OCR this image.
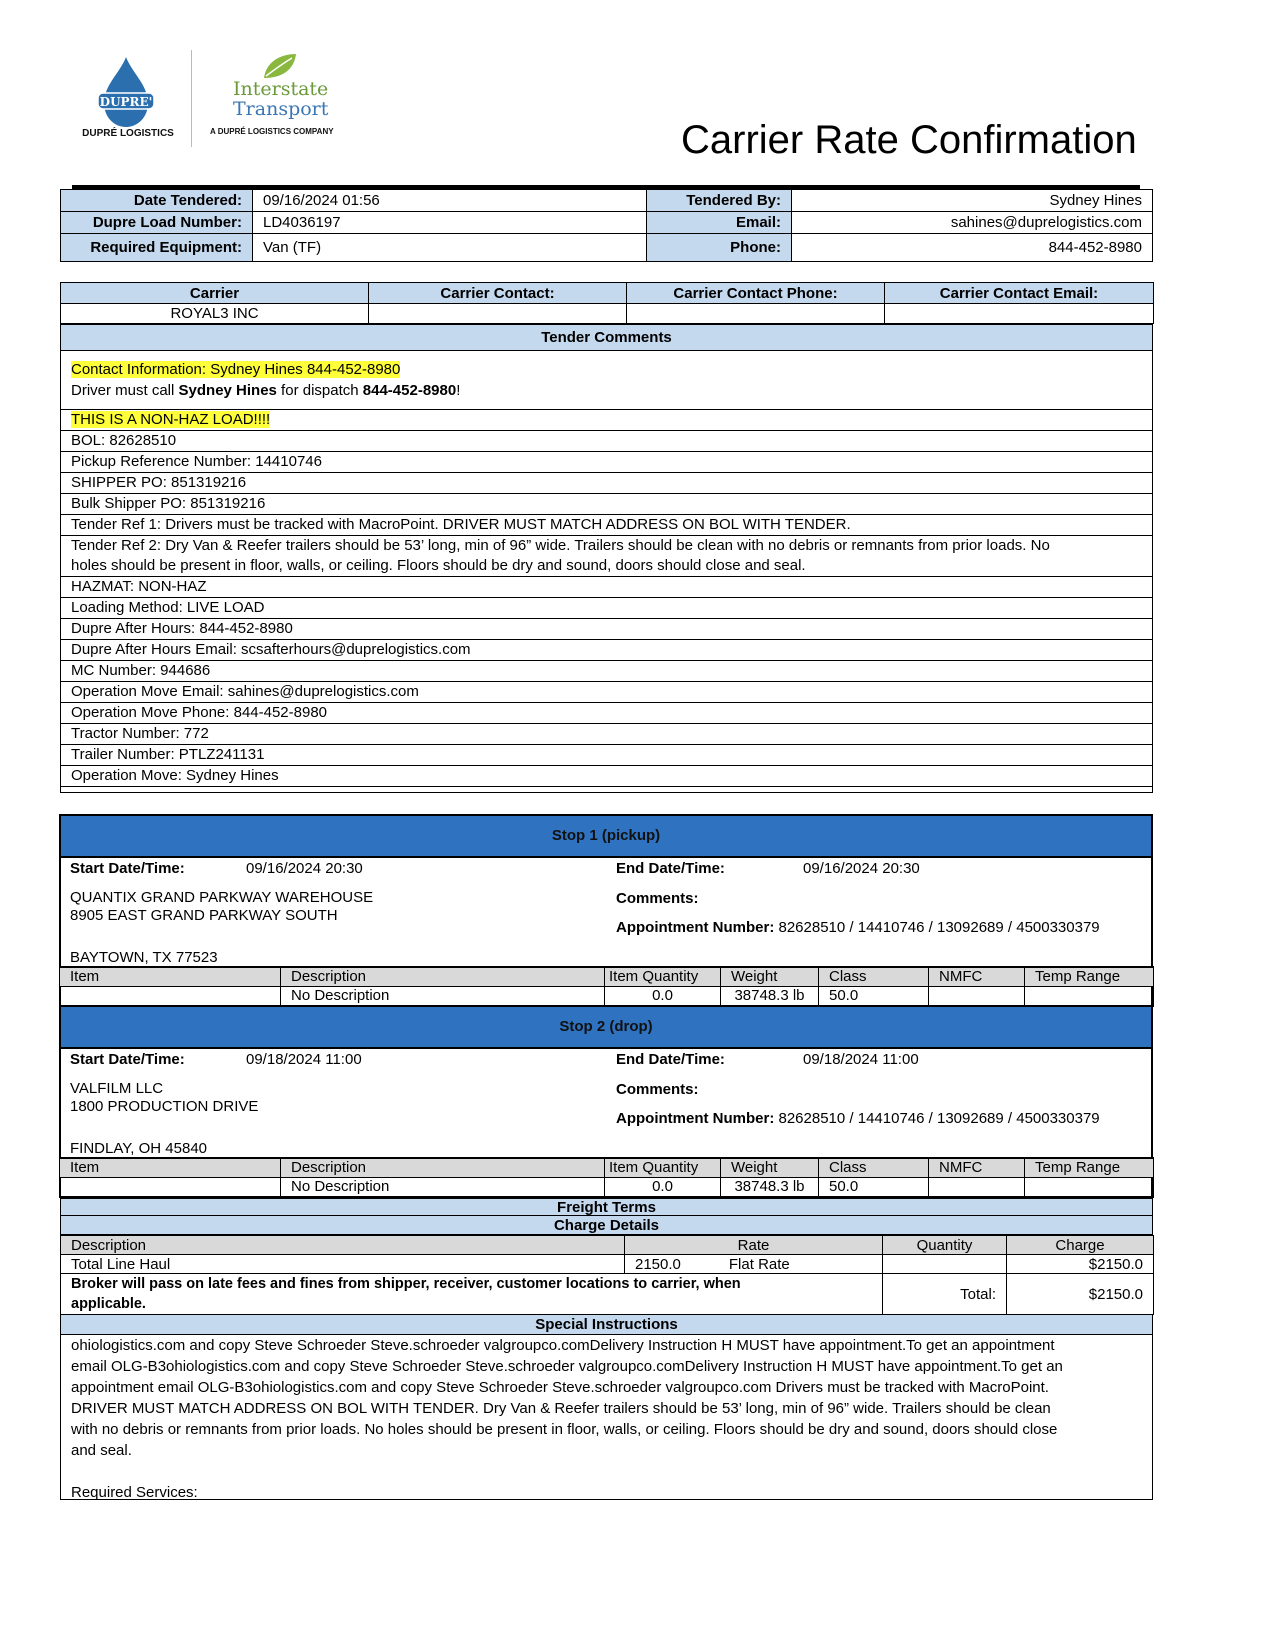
DUPRE'
DUPRÉ LOGISTICS
Interstate
Transport
A DUPRÉ LOGISTICS COMPANY	Carrier Rate Confirmation
Date Tendered:	09/16/2024 01:56	Tendered By:	Sydney Hines
Dupre Load Number:	LD4036197	Email:	sahines@duprelogistics.com
Required Equipment:	Van (TF)	Phone:	844-452-8980
Carrier	Carrier Contact:	Carrier Contact Phone:	Carrier Contact Email:
ROYAL3 INC			
Tender Comments
Contact Information: Sydney Hines 844-452-8980
Driver must call Sydney Hines for dispatch 844-452-8980!
THIS IS A NON-HAZ LOAD!!!!
BOL: 82628510
Pickup Reference Number: 14410746
SHIPPER PO: 851319216
Bulk Shipper PO: 851319216
Tender Ref 1: Drivers must be tracked with MacroPoint. DRIVER MUST MATCH ADDRESS ON BOL WITH TENDER.
Tender Ref 2: Dry Van & Reefer trailers should be 53’ long, min of 96” wide. Trailers should be clean with no debris or remnants from prior loads. No
holes should be present in floor, walls, or ceiling. Floors should be dry and sound, doors should close and seal.
HAZMAT: NON-HAZ
Loading Method: LIVE LOAD
Dupre After Hours: 844-452-8980
Dupre After Hours Email: scsafterhours@duprelogistics.com
MC Number: 944686
Operation Move Email: sahines@duprelogistics.com
Operation Move Phone: 844-452-8980
Tractor Number: 772
Trailer Number: PTLZ241131
Operation Move: Sydney Hines
Stop 1 (pickup)
Start Date/Time:	09/16/2024 20:30	End Date/Time:	09/16/2024 20:30
QUANTIX GRAND PARKWAY WAREHOUSE
8905 EAST GRAND PARKWAY SOUTH
BAYTOWN, TX 77523
Comments:
Appointment Number: 82628510 / 14410746 / 13092689 / 4500330379
Item	Description	Item Quantity	Weight	Class	NMFC	Temp Range
	No Description	0.0	38748.3 lb	50.0		
Stop 2 (drop)
Start Date/Time:	09/18/2024 11:00	End Date/Time:	09/18/2024 11:00
VALFILM LLC
1800 PRODUCTION DRIVE
FINDLAY, OH 45840
Comments:
Appointment Number: 82628510 / 14410746 / 13092689 / 4500330379
Item	Description	Item Quantity	Weight	Class	NMFC	Temp Range
	No Description	0.0	38748.3 lb	50.0		
Freight Terms
Charge Details
Description	Rate	Quantity	Charge
Total Line Haul	2150.0 Flat Rate		$2150.0
Broker will pass on late fees and fines from shipper, receiver, customer locations to carrier, when
applicable.		Total:	$2150.0
Special Instructions
ohiologistics.com and copy Steve Schroeder Steve.schroeder valgroupco.comDelivery Instruction H MUST have appointment.To get an appointment
email OLG-B3ohiologistics.com and copy Steve Schroeder Steve.schroeder valgroupco.comDelivery Instruction H MUST have appointment.To get an
appointment email OLG-B3ohiologistics.com and copy Steve Schroeder Steve.schroeder valgroupco.com Drivers must be tracked with MacroPoint.
DRIVER MUST MATCH ADDRESS ON BOL WITH TENDER. Dry Van & Reefer trailers should be 53’ long, min of 96” wide. Trailers should be clean
with no debris or remnants from prior loads. No holes should be present in floor, walls, or ceiling. Floors should be dry and sound, doors should close
and seal.
Required Services:
